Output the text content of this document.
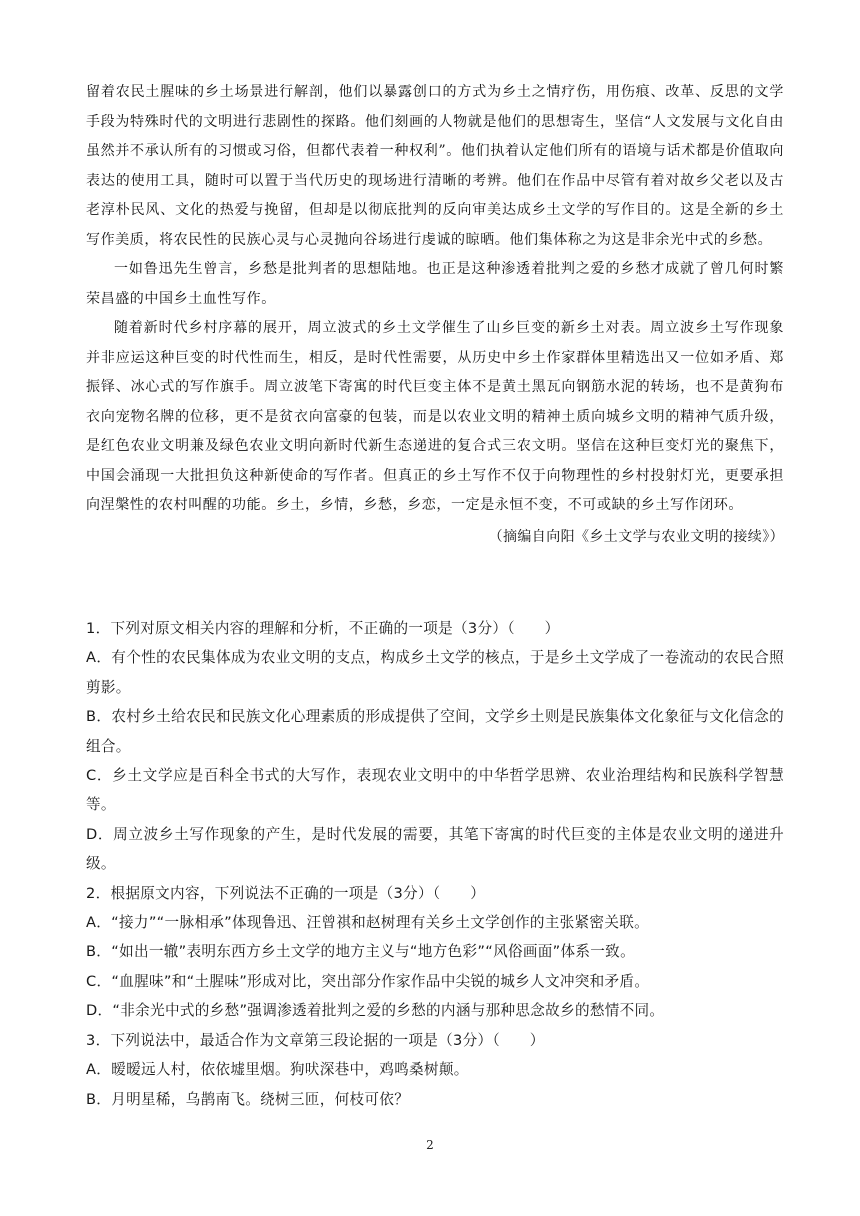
留着农民土腥味的乡土场景进行解剖，他们以暴露创口的方式为乡土之情疗伤，用伤痕、改革、反思的文学手段为特殊时代的文明进行悲剧性的探路。他们刻画的人物就是他们的思想寄生，坚信“人文发展与文化自由虽然并不承认所有的习惯或习俗，但都代表着一种权利”。他们执着认定他们所有的语境与话术都是价值取向表达的使用工具，随时可以置于当代历史的现场进行清晰的考辨。他们在作品中尽管有着对故乡父老以及古老淳朴民风、文化的热爱与挽留，但却是以彻底批判的反向审美达成乡土文学的写作目的。这是全新的乡土写作美质，将农民性的民族心灵与心灵抛向谷场进行虔诚的晾晒。他们集体称之为这是非余光中式的乡愁。

一如鲁迅先生曾言，乡愁是批判者的思想陆地。也正是这种渗透着批判之爱的乡愁才成就了曾几何时繁荣昌盛的中国乡土血性写作。

随着新时代乡村序幕的展开，周立波式的乡土文学催生了山乡巨变的新乡土对表。周立波乡土写作现象并非应运这种巨变的时代性而生，相反，是时代性需要，从历史中乡土作家群体里精选出又一位如矛盾、郑振铎、冰心式的写作旗手。周立波笔下寄寓的时代巨变主体不是黄土黑瓦向钢筋水泥的转场，也不是黄狗布衣向宠物名牌的位移，更不是贫衣向富豪的包装，而是以农业文明的精神土质向城乡文明的精神气质升级，是红色农业文明兼及绿色农业文明向新时代新生态递进的复合式三农文明。坚信在这种巨变灯光的聚焦下，中国会涌现一大批担负这种新使命的写作者。但真正的乡土写作不仅于向物理性的乡村投射灯光，更要承担向涅槃性的农村叫醒的功能。乡土，乡情，乡愁，乡恋，一定是永恒不变，不可或缺的乡土写作闭环。

（摘编自向阳《乡土文学与农业文明的接续》）

1．下列对原文相关内容的理解和分析，不正确的一项是（3分）（　　）

A．有个性的农民集体成为农业文明的支点，构成乡土文学的核点，于是乡土文学成了一卷流动的农民合照剪影。

B．农村乡土给农民和民族文化心理素质的形成提供了空间，文学乡土则是民族集体文化象征与文化信念的组合。

C．乡土文学应是百科全书式的大写作，表现农业文明中的中华哲学思辨、农业治理结构和民族科学智慧等。

D．周立波乡土写作现象的产生，是时代发展的需要，其笔下寄寓的时代巨变的主体是农业文明的递进升级。

2．根据原文内容，下列说法不正确的一项是（3分）（　　）

A．“接力”“一脉相承”体现鲁迅、汪曾祺和赵树理有关乡土文学创作的主张紧密关联。

B．“如出一辙”表明东西方乡土文学的地方主义与“地方色彩”“风俗画面”体系一致。

C．“血腥味”和“土腥味”形成对比，突出部分作家作品中尖锐的城乡人文冲突和矛盾。

D．“非余光中式的乡愁”强调渗透着批判之爱的乡愁的内涵与那种思念故乡的愁情不同。

3．下列说法中，最适合作为文章第三段论据的一项是（3分）（　　）

A．暧暧远人村，依依墟里烟。狗吠深巷中，鸡鸣桑树颠。

B．月明星稀，乌鹊南飞。绕树三匝，何枝可依？

2
